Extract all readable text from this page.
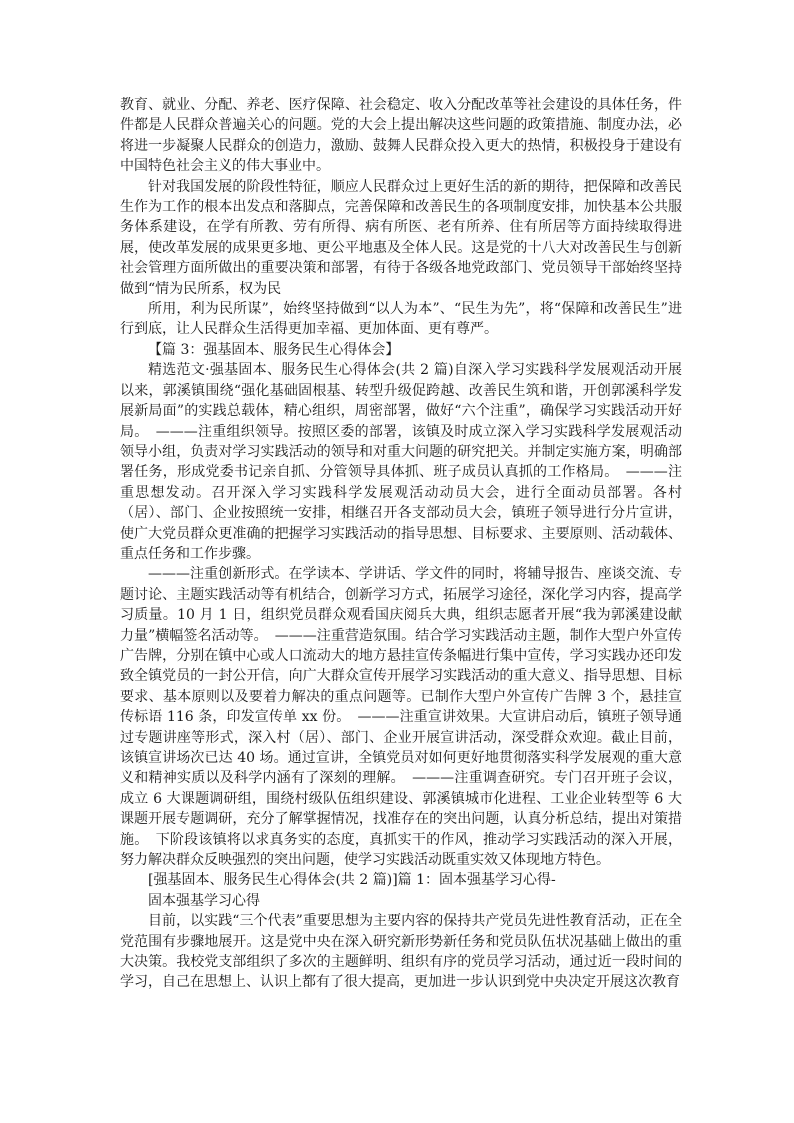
教育、就业、分配、养老、医疗保障、社会稳定、收入分配改革等社会建设的具体任务，件件都是人民群众普遍关心的问题。党的大会上提出解决这些问题的政策措施、制度办法，必将进一步凝聚人民群众的创造力，激励、鼓舞人民群众投入更大的热情，积极投身于建设有中国特色社会主义的伟大事业中。

针对我国发展的阶段性特征，顺应人民群众过上更好生活的新的期待，把保障和改善民生作为工作的根本出发点和落脚点，完善保障和改善民生的各项制度安排，加快基本公共服务体系建设，在学有所教、劳有所得、病有所医、老有所养、住有所居等方面持续取得进展，使改革发展的成果更多地、更公平地惠及全体人民。这是党的十八大对改善民生与创新社会管理方面所做出的重要决策和部署，有待于各级各地党政部门、党员领导干部始终坚持做到“情为民所系，权为民

所用，利为民所谋”，始终坚持做到“以人为本”、“民生为先”，将“保障和改善民生”进行到底，让人民群众生活得更加幸福、更加体面、更有尊严。

【篇 3：强基固本、服务民生心得体会】

精选范文·强基固本、服务民生心得体会(共 2 篇)自深入学习实践科学发展观活动开展以来，郭溪镇围绕“强化基础固根基、转型升级促跨越、改善民生筑和谐，开创郭溪科学发展新局面”的实践总载体，精心组织，周密部署，做好“六个注重”，确保学习实践活动开好局。　———注重组织领导。按照区委的部署，该镇及时成立深入学习实践科学发展观活动领导小组，负责对学习实践活动的领导和对重大问题的研究把关。并制定实施方案，明确部署任务，形成党委书记亲自抓、分管领导具体抓、班子成员认真抓的工作格局。　———注重思想发动。召开深入学习实践科学发展观活动动员大会，进行全面动员部署。各村（居）、部门、企业按照统一安排，相继召开各支部动员大会，镇班子领导进行分片宣讲，使广大党员群众更准确的把握学习实践活动的指导思想、目标要求、主要原则、活动载体、重点任务和工作步骤。

———注重创新形式。在学读本、学讲话、学文件的同时，将辅导报告、座谈交流、专题讨论、主题实践活动等有机结合，创新学习方式，拓展学习途径，深化学习内容，提高学习质量。10 月 1 日，组织党员群众观看国庆阅兵大典，组织志愿者开展“我为郭溪建设献力量”横幅签名活动等。　———注重营造氛围。结合学习实践活动主题，制作大型户外宣传广告牌，分别在镇中心或人口流动大的地方悬挂宣传条幅进行集中宣传，学习实践办还印发致全镇党员的一封公开信，向广大群众宣传开展学习实践活动的重大意义、指导思想、目标要求、基本原则以及要着力解决的重点问题等。已制作大型户外宣传广告牌 3 个，悬挂宣传标语 116 条，印发宣传单 xx 份。　———注重宣讲效果。大宣讲启动后，镇班子领导通过专题讲座等形式，深入村（居）、部门、企业开展宣讲活动，深受群众欢迎。截止目前，该镇宣讲场次已达 40 场。通过宣讲，全镇党员对如何更好地贯彻落实科学发展观的重大意义和精神实质以及科学内涵有了深刻的理解。　———注重调查研究。专门召开班子会议，成立 6 大课题调研组，围绕村级队伍组织建设、郭溪镇城市化进程、工业企业转型等 6 大课题开展专题调研，充分了解掌握情况，找准存在的突出问题，认真分析总结，提出对策措施。　下阶段该镇将以求真务实的态度，真抓实干的作风，推动学习实践活动的深入开展，努力解决群众反映强烈的突出问题，使学习实践活动既重实效又体现地方特色。

[强基固本、服务民生心得体会(共 2 篇)]篇 1：固本强基学习心得-

固本强基学习心得

目前，以实践“三个代表”重要思想为主要内容的保持共产党员先进性教育活动，正在全党范围有步骤地展开。这是党中央在深入研究新形势新任务和党员队伍状况基础上做出的重大决策。我校党支部组织了多次的主题鲜明、组织有序的党员学习活动，通过近一段时间的学习，自己在思想上、认识上都有了很大提高，更加进一步认识到党中央决定开展这次教育
